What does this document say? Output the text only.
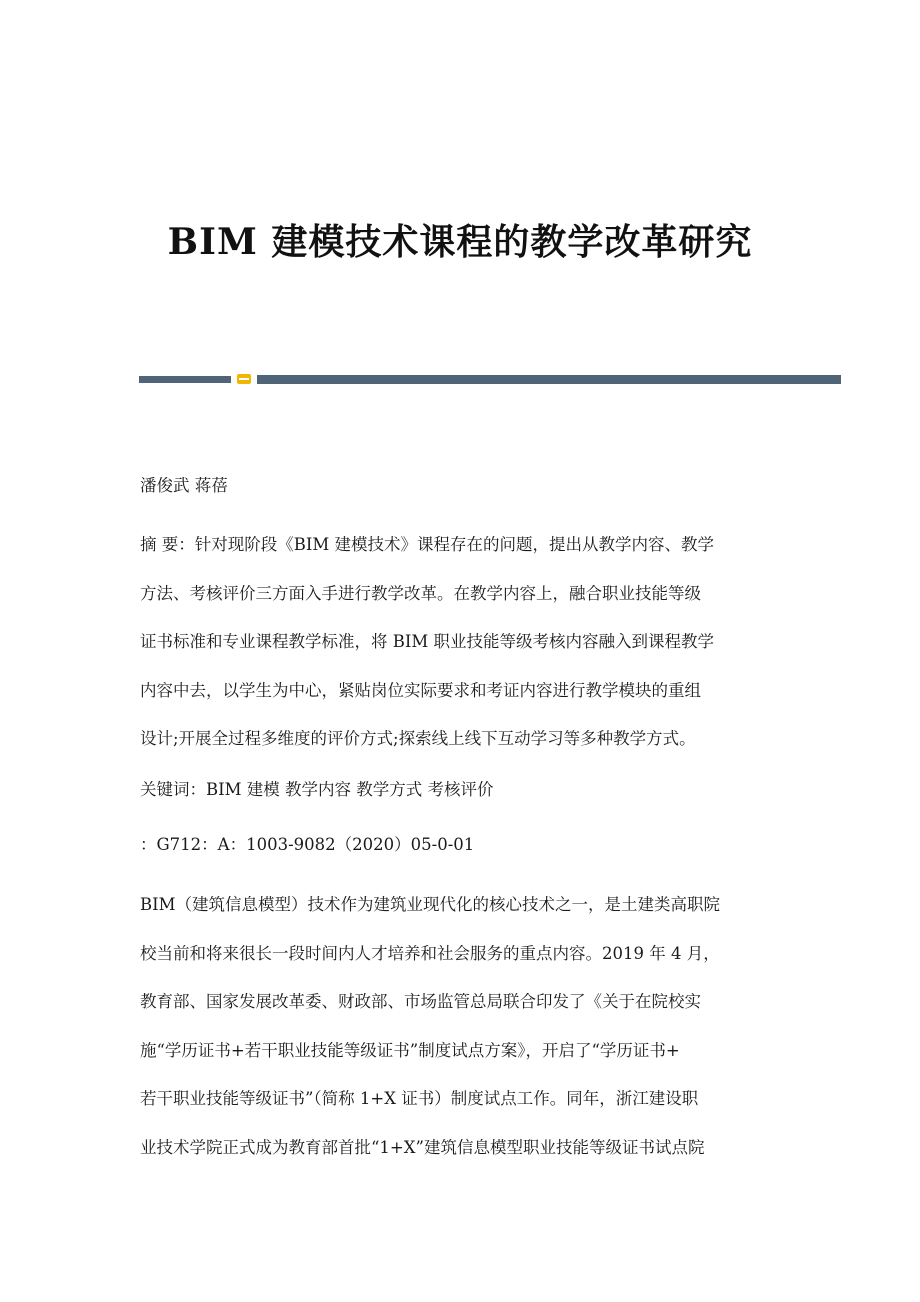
BIM 建模技术课程的教学改革研究

潘俊武 蒋蓓

摘 要：针对现阶段《BIM 建模技术》课程存在的问题，提出从教学内容、教学
方法、考核评价三方面入手进行教学改革。在教学内容上，融合职业技能等级
证书标准和专业课程教学标准，将 BIM 职业技能等级考核内容融入到课程教学
内容中去，以学生为中心，紧贴岗位实际要求和考证内容进行教学模块的重组
设计;开展全过程多维度的评价方式;探索线上线下互动学习等多种教学方式。

关键词：BIM 建模 教学内容 教学方式 考核评价

：G712：A：1003-9082（2020）05-0-01

BIM（建筑信息模型）技术作为建筑业现代化的核心技术之一，是土建类高职院
校当前和将来很长一段时间内人才培养和社会服务的重点内容。2019 年 4 月，
教育部、国家发展改革委、财政部、市场监管总局联合印发了《关于在院校实
施“学历证书+若干职业技能等级证书”制度试点方案》，开启了“学历证书+
若干职业技能等级证书”（简称 1+X 证书）制度试点工作。同年，浙江建设职
业技术学院正式成为教育部首批“1+X”建筑信息模型职业技能等级证书试点院
